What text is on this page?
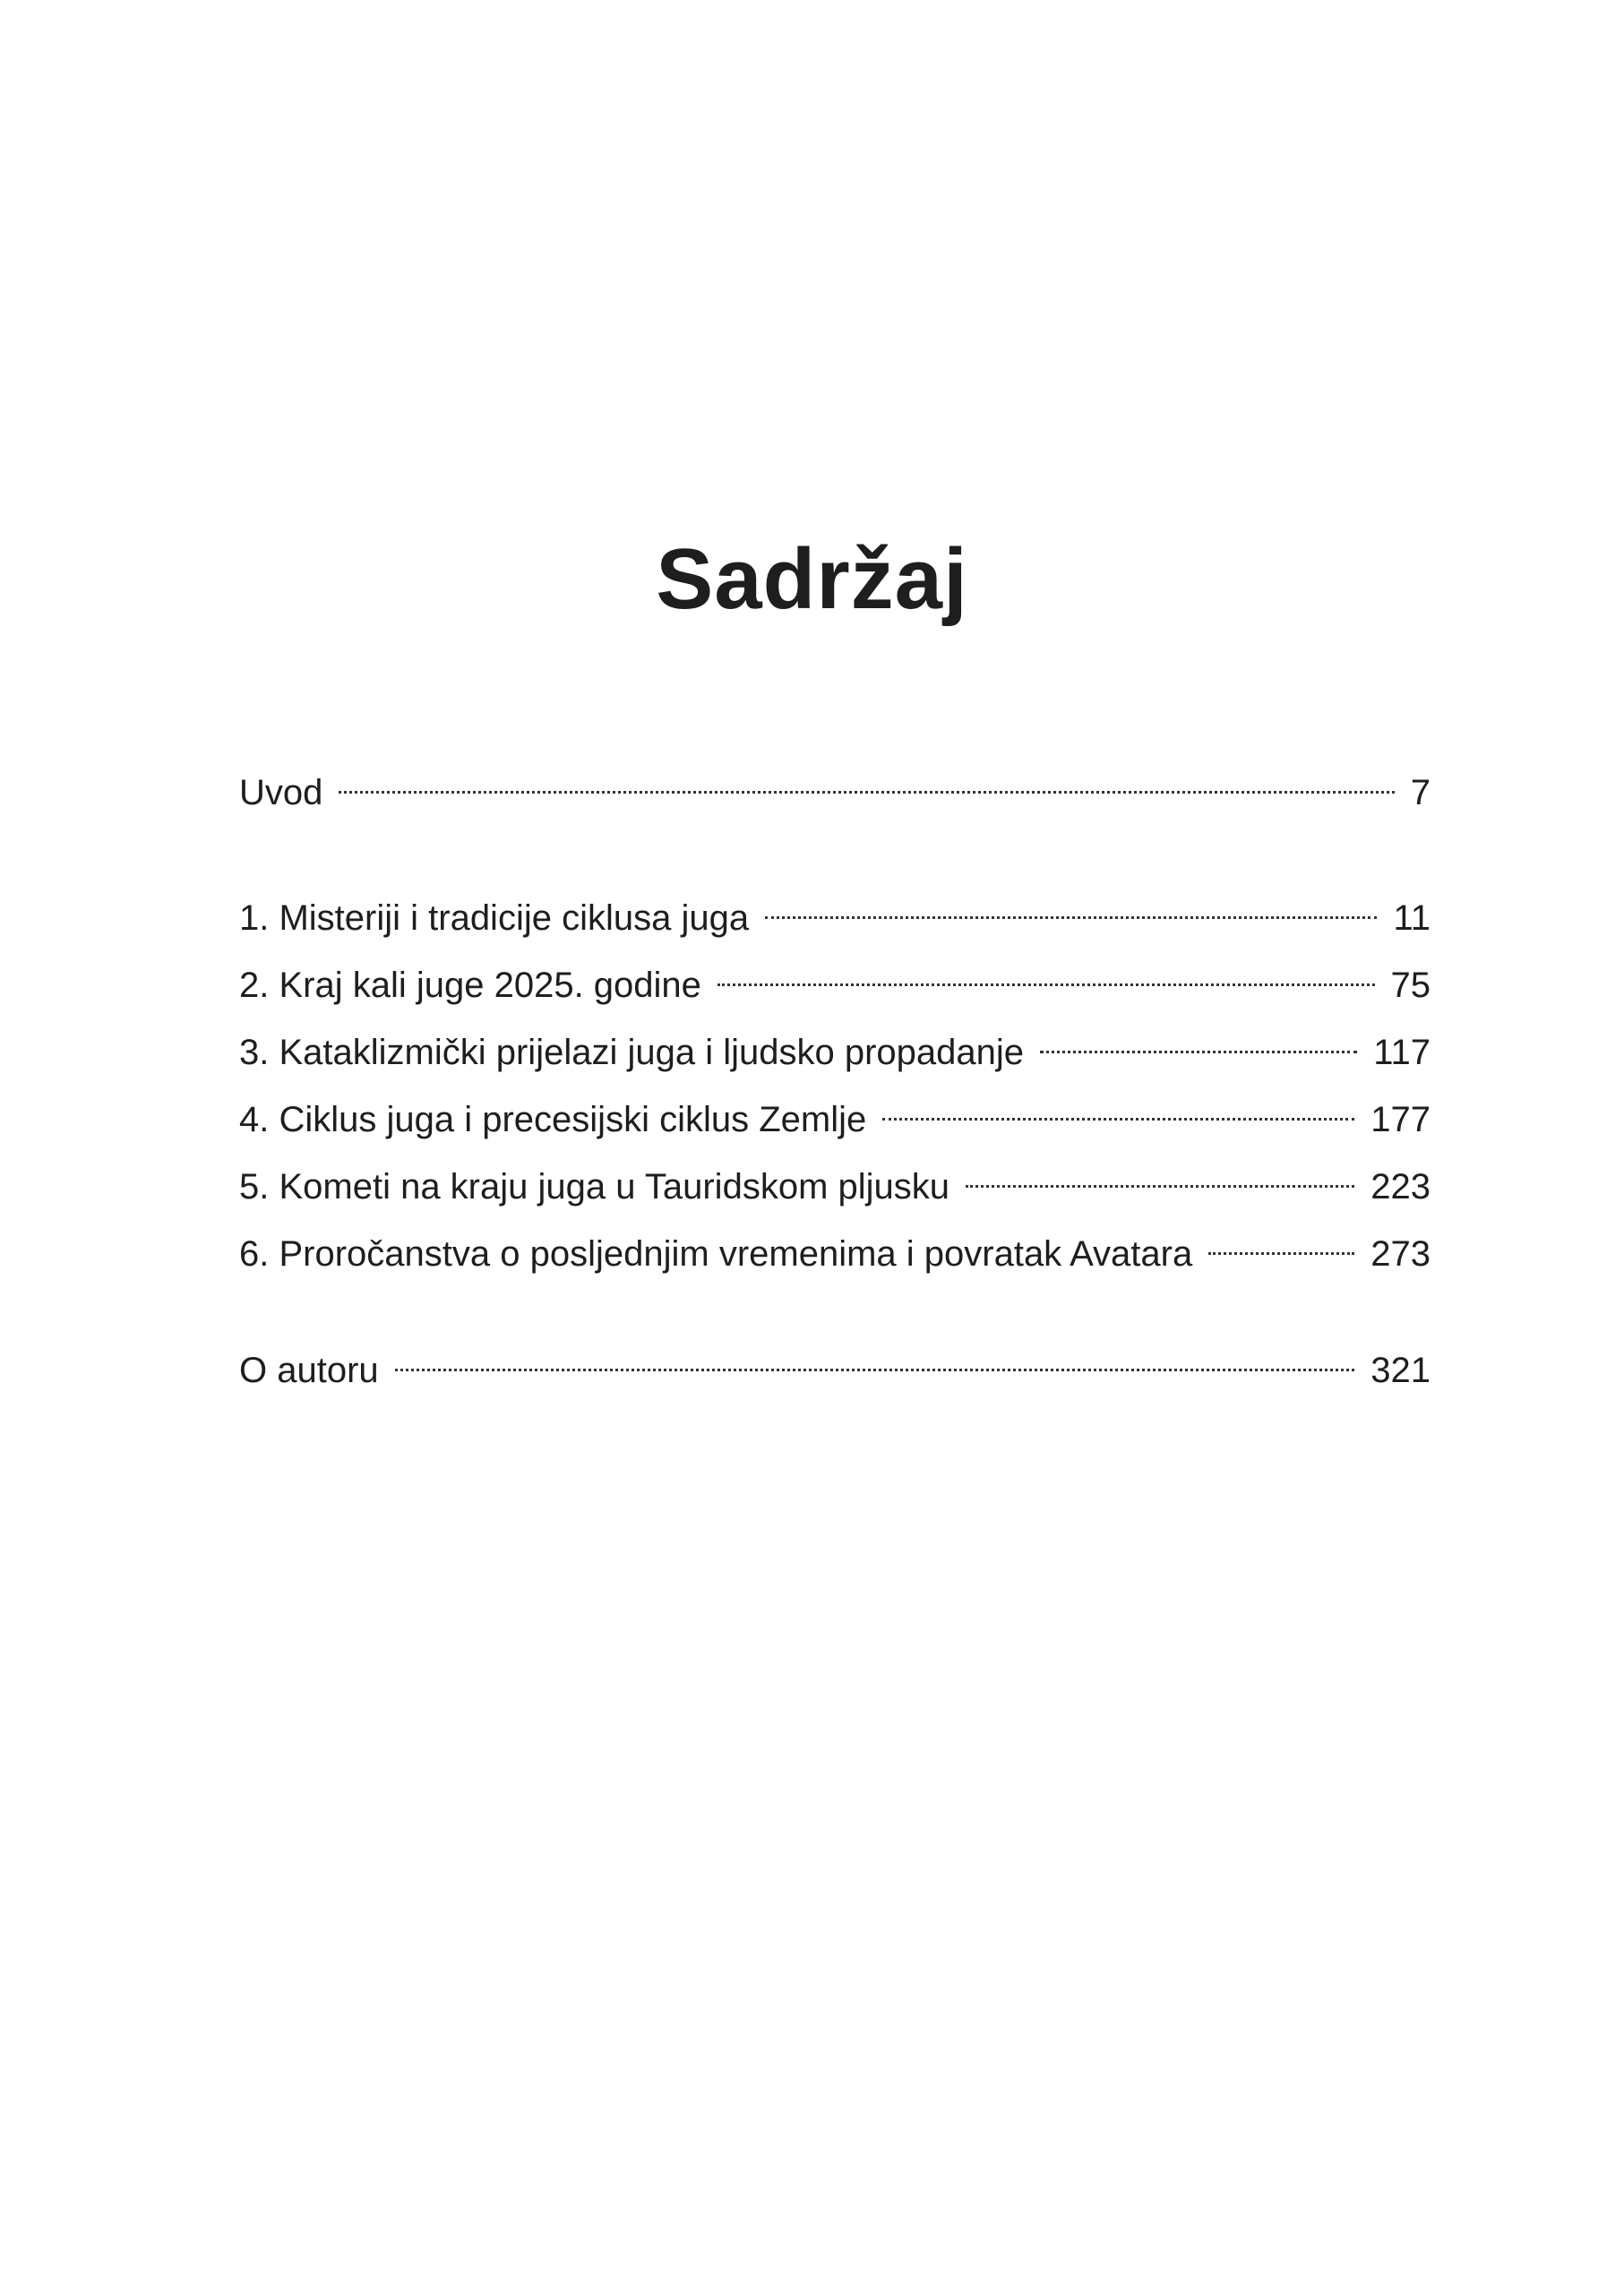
Sadržaj
Uvod	7
1. Misteriji i tradicije ciklusa juga	11
2. Kraj kali juge 2025. godine	75
3. Kataklizmički prijelazi juga i ljudsko propadanje	117
4. Ciklus juga i precesijski ciklus Zemlje	177
5. Kometi na kraju juga u Tauridskom pljusku	223
6. Proročanstva o posljednjim vremenima i povratak Avatara	273
O autoru	321
